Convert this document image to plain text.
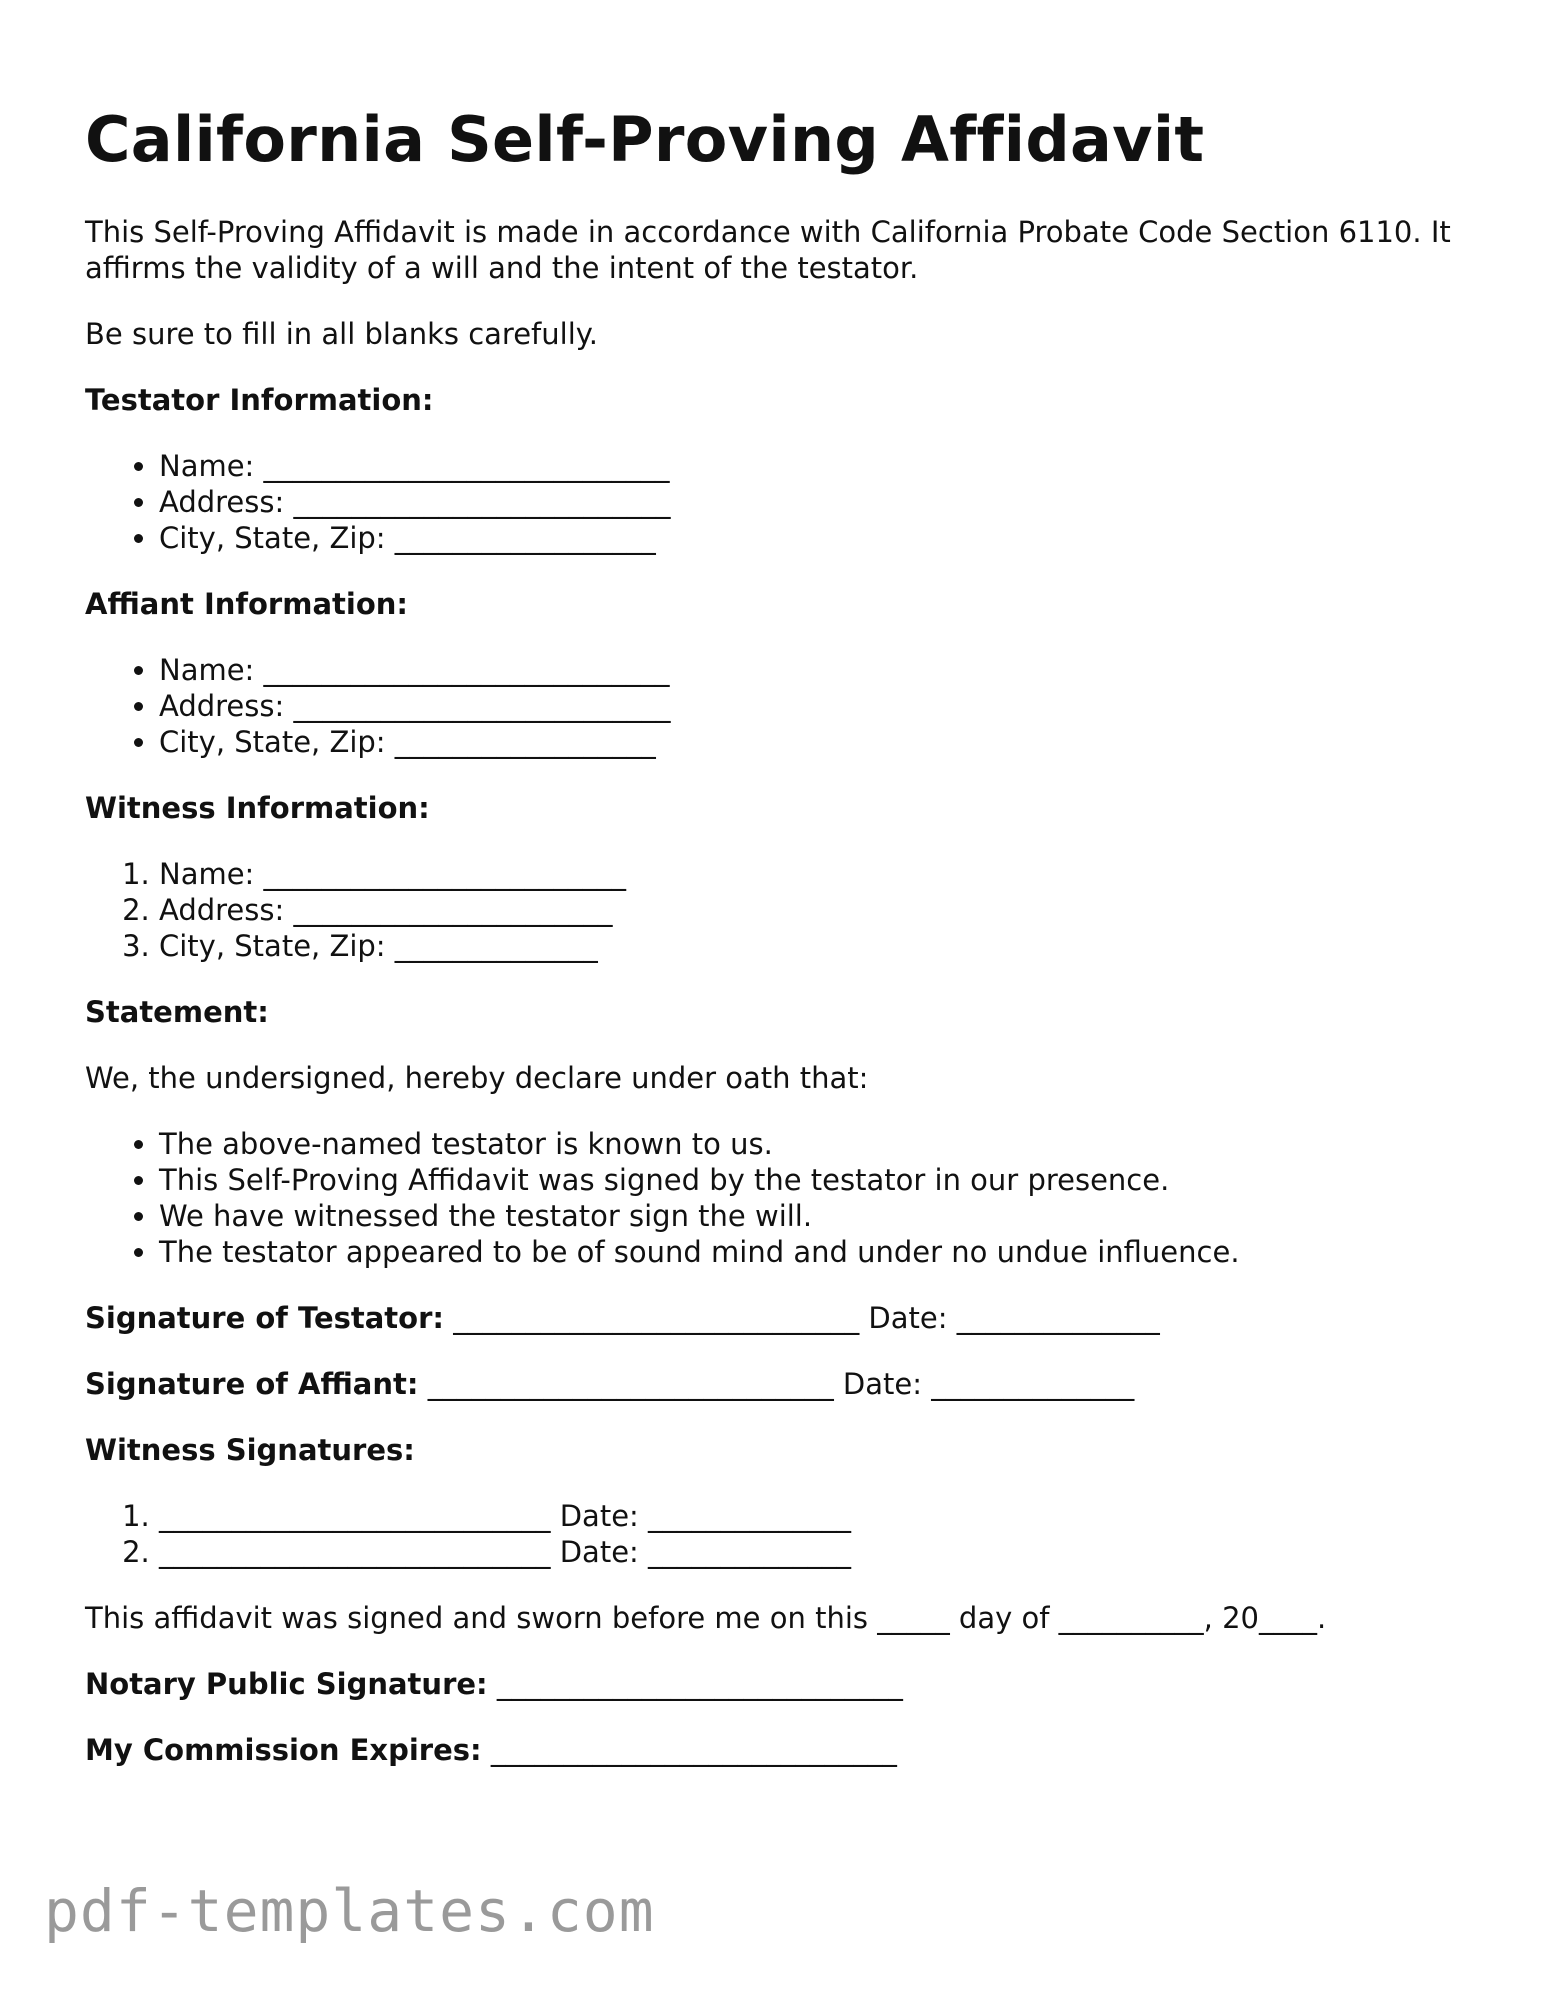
California Self-Proving Affidavit

This Self-Proving Affidavit is made in accordance with California Probate Code Section 6110. It affirms the validity of a will and the intent of the testator.

Be sure to fill in all blanks carefully.

Testator Information:

• Name: ____________________________
• Address: __________________________
• City, State, Zip: __________________

Affiant Information:

• Name: ____________________________
• Address: __________________________
• City, State, Zip: __________________

Witness Information:

1. Name: _________________________
2. Address: ______________________
3. City, State, Zip: ______________

Statement:

We, the undersigned, hereby declare under oath that:

• The above-named testator is known to us.
• This Self-Proving Affidavit was signed by the testator in our presence.
• We have witnessed the testator sign the will.
• The testator appeared to be of sound mind and under no undue influence.
Signature of Testator: ____________________________ Date: ______________
Signature of Affiant: ____________________________ Date: ______________

Witness Signatures:

1. ___________________________ Date: ______________
2. ___________________________ Date: ______________

This affidavit was signed and sworn before me on this _____ day of __________, 20____.

Notary Public Signature: ____________________________
My Commission Expires: ____________________________
pdf-templates.com
